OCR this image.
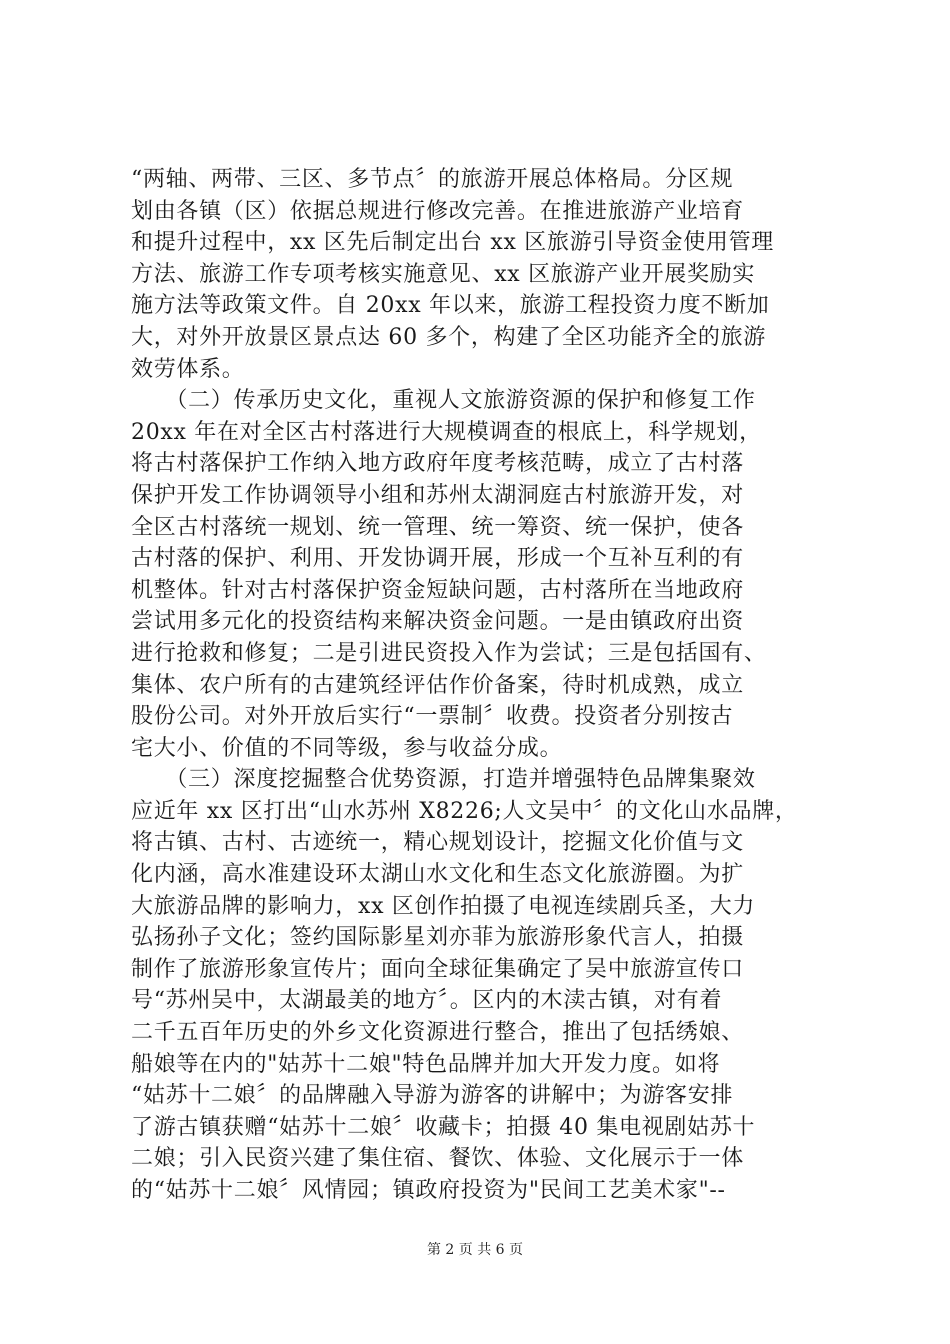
“两轴、两带、三区、多节点〞的旅游开展总体格局。分区规
划由各镇（区）依据总规进行修改完善。在推进旅游产业培育
和提升过程中，xx 区先后制定出台 xx 区旅游引导资金使用管理
方法、旅游工作专项考核实施意见、xx 区旅游产业开展奖励实
施方法等政策文件。自 20xx 年以来，旅游工程投资力度不断加
大，对外开放景区景点达 60 多个，构建了全区功能齐全的旅游
效劳体系。
　　（二）传承历史文化，重视人文旅游资源的保护和修复工作
20xx 年在对全区古村落进行大规模调查的根底上，科学规划，
将古村落保护工作纳入地方政府年度考核范畴，成立了古村落
保护开发工作协调领导小组和苏州太湖洞庭古村旅游开发，对
全区古村落统一规划、统一管理、统一筹资、统一保护，使各
古村落的保护、利用、开发协调开展，形成一个互补互利的有
机整体。针对古村落保护资金短缺问题，古村落所在当地政府
尝试用多元化的投资结构来解决资金问题。一是由镇政府出资
进行抢救和修复；二是引进民资投入作为尝试；三是包括国有、
集体、农户所有的古建筑经评估作价备案，待时机成熟，成立
股份公司。对外开放后实行“一票制〞收费。投资者分别按古
宅大小、价值的不同等级，参与收益分成。
　　（三）深度挖掘整合优势资源，打造并增强特色品牌集聚效
应近年 xx 区打出“山水苏州 X8226;人文吴中〞的文化山水品牌，
将古镇、古村、古迹统一，精心规划设计，挖掘文化价值与文
化内涵，高水准建设环太湖山水文化和生态文化旅游圈。为扩
大旅游品牌的影响力，xx 区创作拍摄了电视连续剧兵圣，大力
弘扬孙子文化；签约国际影星刘亦菲为旅游形象代言人，拍摄
制作了旅游形象宣传片；面向全球征集确定了吴中旅游宣传口
号“苏州吴中，太湖最美的地方〞。区内的木渎古镇，对有着
二千五百年历史的外乡文化资源进行整合，推出了包括绣娘、
船娘等在内的"姑苏十二娘"特色品牌并加大开发力度。如将
“姑苏十二娘〞的品牌融入导游为游客的讲解中；为游客安排
了游古镇获赠“姑苏十二娘〞收藏卡；拍摄 40 集电视剧姑苏十
二娘；引入民资兴建了集住宿、餐饮、体验、文化展示于一体
的“姑苏十二娘〞风情园；镇政府投资为"民间工艺美术家"--
第 2 页 共 6 页
